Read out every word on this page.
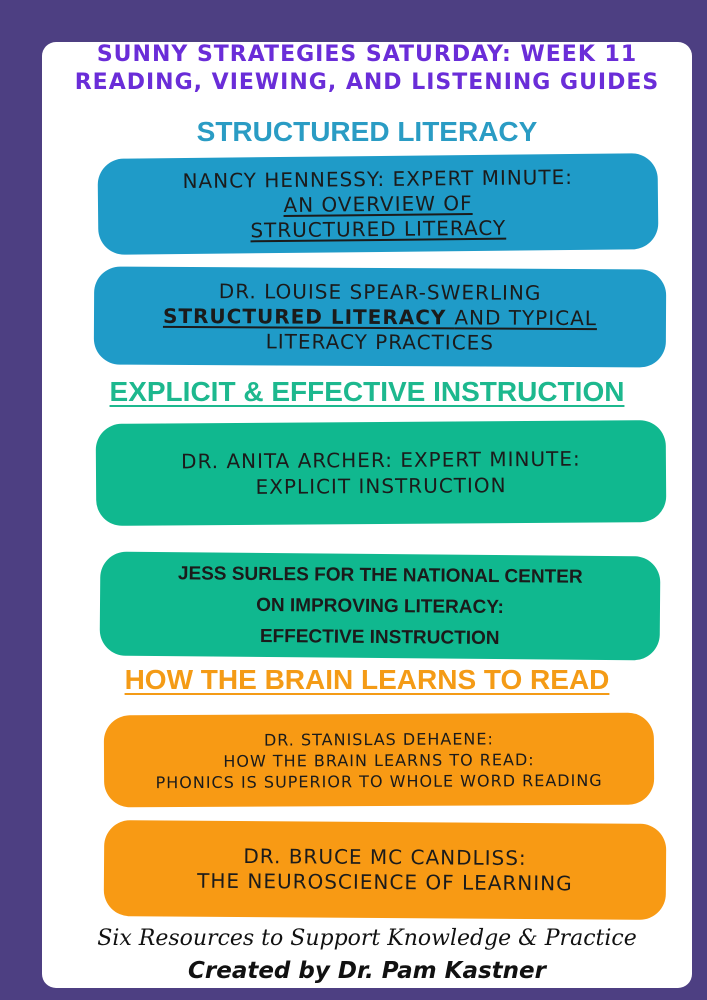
SUNNY STRATEGIES SATURDAY: WEEK 11
READING, VIEWING, AND LISTENING GUIDES
STRUCTURED LITERACY
NANCY HENNESSY: EXPERT MINUTE:
AN OVERVIEW OF
STRUCTURED LITERACY
DR. LOUISE SPEAR-SWERLING
STRUCTURED LITERACY AND TYPICAL
LITERACY PRACTICES
EXPLICIT & EFFECTIVE INSTRUCTION
DR. ANITA ARCHER: EXPERT MINUTE:
EXPLICIT INSTRUCTION
JESS SURLES FOR THE NATIONAL CENTER
ON IMPROVING LITERACY:
EFFECTIVE INSTRUCTION
HOW THE BRAIN LEARNS TO READ
DR. STANISLAS DEHAENE:
HOW THE BRAIN LEARNS TO READ:
PHONICS IS SUPERIOR TO WHOLE WORD READING
DR. BRUCE MC CANDLISS:
THE NEUROSCIENCE OF LEARNING
Six Resources to Support Knowledge & Practice
Created by Dr. Pam Kastner
